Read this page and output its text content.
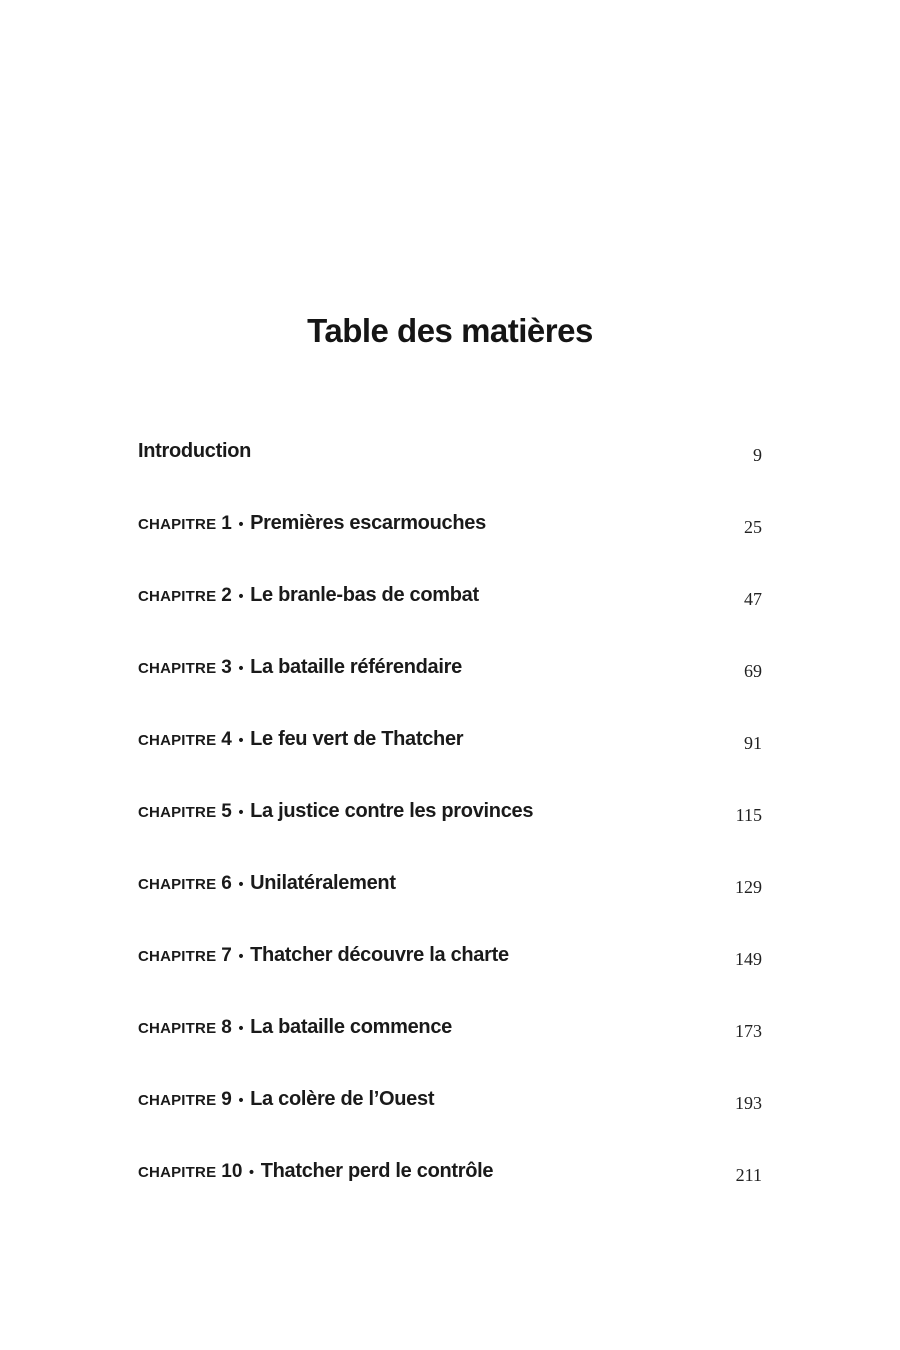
Table des matières
Introduction	9
CHAPITRE 1 • Premières escarmouches	25
CHAPITRE 2 • Le branle-bas de combat	47
CHAPITRE 3 • La bataille référendaire	69
CHAPITRE 4 • Le feu vert de Thatcher	91
CHAPITRE 5 • La justice contre les provinces	115
CHAPITRE 6 • Unilatéralement	129
CHAPITRE 7 • Thatcher découvre la charte	149
CHAPITRE 8 • La bataille commence	173
CHAPITRE 9 • La colère de l’Ouest	193
CHAPITRE 10 • Thatcher perd le contrôle	211
